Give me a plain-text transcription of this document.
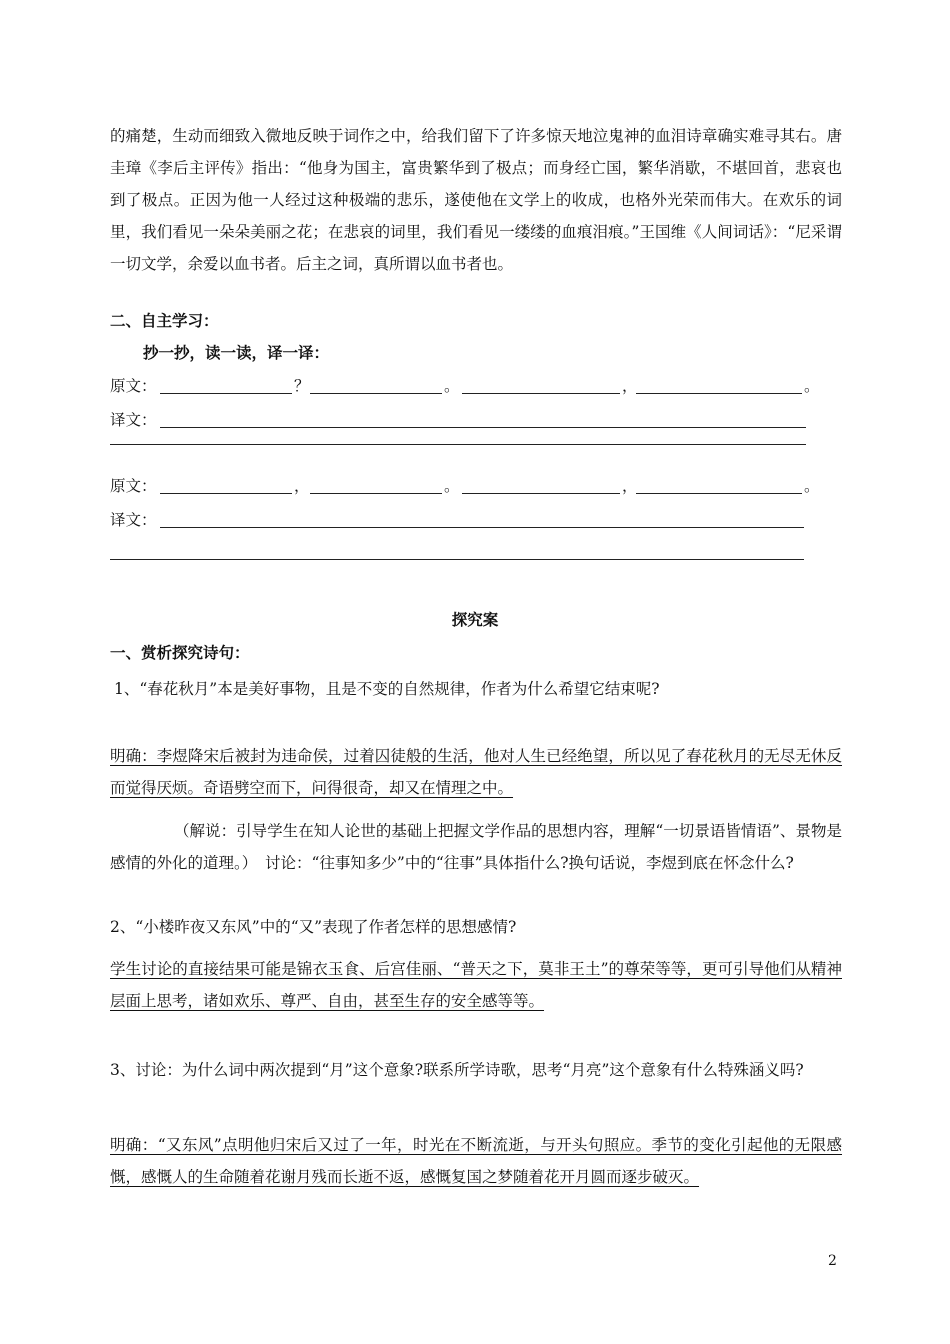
的痛楚，生动而细致入微地反映于词作之中，给我们留下了许多惊天地泣鬼神的血泪诗章确实难寻其右。唐圭璋《李后主评传》指出：“他身为国主，富贵繁华到了极点；而身经亡国，繁华消歇，不堪回首，悲哀也到了极点。正因为他一人经过这种极端的悲乐，遂使他在文学上的收成，也格外光荣而伟大。在欢乐的词里，我们看见一朵朵美丽之花；在悲哀的词里，我们看见一缕缕的血痕泪痕。”王国维《人间词话》：“尼采谓一切文学，余爱以血书者。后主之词，真所谓以血书者也。

二、自主学习：
抄一抄，读一读，译一译：
原文：	？	。	，	。
译文：
原文：	，	。	，	。
译文：
探究案
一、赏析探究诗句：

1、“春花秋月”本是美好事物，且是不变的自然规律，作者为什么希望它结束呢?

明确：李煜降宋后被封为违命侯，过着囚徒般的生活，他对人生已经绝望，所以见了春花秋月的无尽无休反而觉得厌烦。奇语劈空而下，问得很奇，却又在情理之中。

（解说：引导学生在知人论世的基础上把握文学作品的思想内容，理解“一切景语皆情语”、景物是感情的外化的道理。）　讨论：“往事知多少”中的“往事”具体指什么?换句话说，李煜到底在怀念什么?

2、“小楼昨夜又东风”中的“又”表现了作者怎样的思想感情?

学生讨论的直接结果可能是锦衣玉食、后宫佳丽、“普天之下，莫非王土”的尊荣等等，更可引导他们从精神层面上思考，诸如欢乐、尊严、自由，甚至生存的安全感等等。

3、讨论：为什么词中两次提到“月”这个意象?联系所学诗歌，思考“月亮”这个意象有什么特殊涵义吗?

明确：“又东风”点明他归宋后又过了一年，时光在不断流逝，与开头句照应。季节的变化引起他的无限感慨，感慨人的生命随着花谢月残而长逝不返，感慨复国之梦随着花开月圆而逐步破灭。

2
